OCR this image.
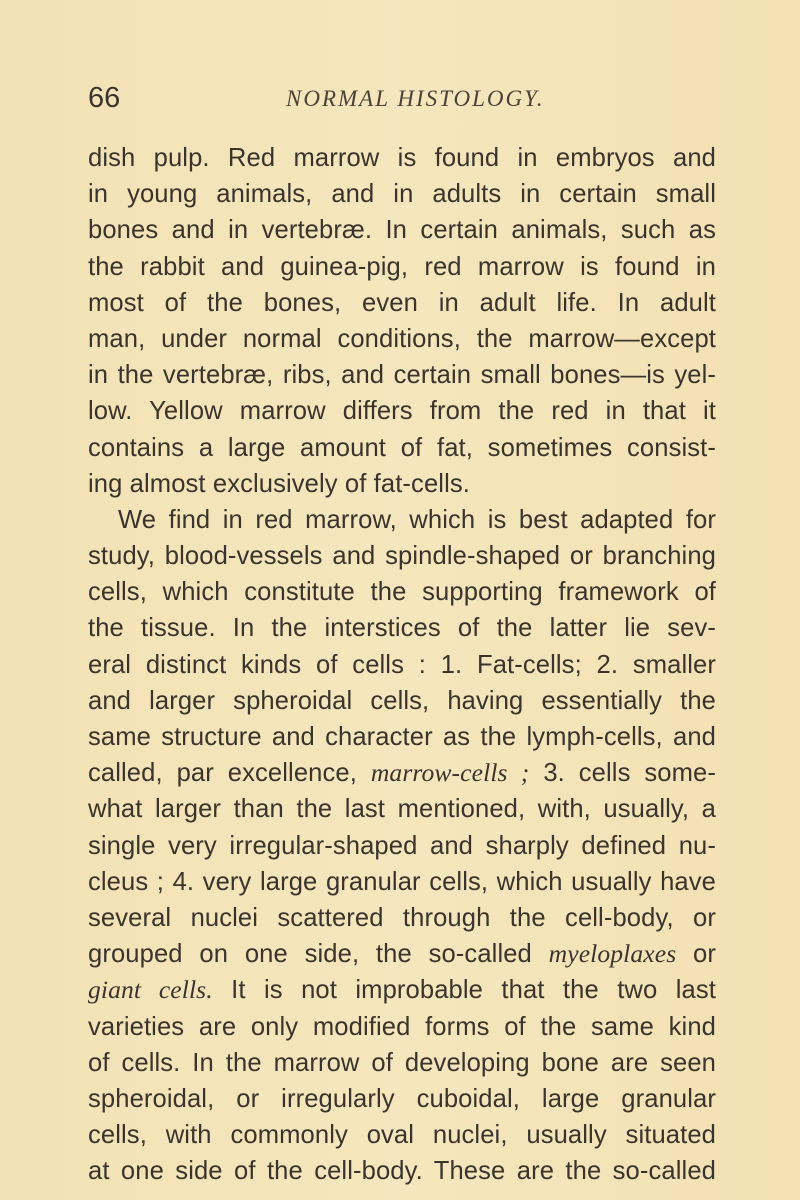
66	NORMAL HISTOLOGY.
dish pulp. Red marrow is found in embryos and
in young animals, and in adults in certain small
bones and in vertebræ. In certain animals, such as
the rabbit and guinea-pig, red marrow is found in
most of the bones, even in adult life. In adult
man, under normal conditions, the marrow—except
in the vertebræ, ribs, and certain small bones—is yel-
low. Yellow marrow differs from the red in that it
contains a large amount of fat, sometimes consist-
ing almost exclusively of fat-cells.
We find in red marrow, which is best adapted for
study, blood-vessels and spindle-shaped or branching
cells, which constitute the supporting framework of
the tissue. In the interstices of the latter lie sev-
eral distinct kinds of cells : 1. Fat-cells; 2. smaller
and larger spheroidal cells, having essentially the
same structure and character as the lymph-cells, and
called, par excellence, marrow-cells ; 3. cells some-
what larger than the last mentioned, with, usually, a
single very irregular-shaped and sharply defined nu-
cleus ; 4. very large granular cells, which usually have
several nuclei scattered through the cell-body, or
grouped on one side, the so-called myeloplaxes or
giant cells. It is not improbable that the two last
varieties are only modified forms of the same kind
of cells. In the marrow of developing bone are seen
spheroidal, or irregularly cuboidal, large granular
cells, with commonly oval nuclei, usually situated
at one side of the cell-body. These are the so-called
